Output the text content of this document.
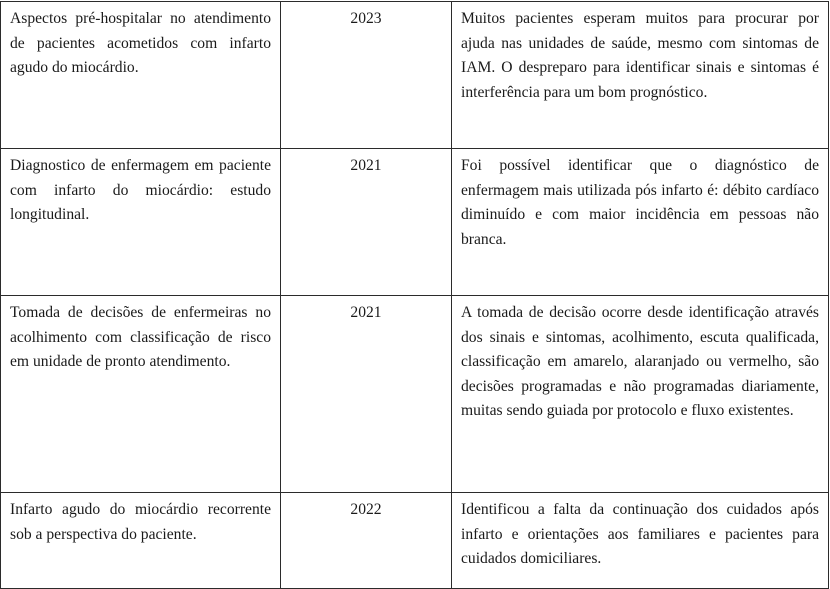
Aspectos pré-hospitalar no atendimento de pacientes acometidos com infarto agudo do miocárdio.	2023	Muitos pacientes esperam muitos para procurar por ajuda nas unidades de saúde, mesmo com sintomas de IAM. O despreparo para identificar sinais e sintomas é interferência para um bom prognóstico.
Diagnostico de enfermagem em paciente com infarto do miocárdio: estudo longitudinal.	2021	Foi possível identificar que o diagnóstico de enfermagem mais utilizada pós infarto é: débito cardíaco diminuído e com maior incidência em pessoas não branca.
Tomada de decisões de enfermeiras no acolhimento com classificação de risco em unidade de pronto atendimento.	2021	A tomada de decisão ocorre desde identificação através dos sinais e sintomas, acolhimento, escuta qualificada, classificação em amarelo, alaranjado ou vermelho, são decisões programadas e não programadas diariamente, muitas sendo guiada por protocolo e fluxo existentes.
Infarto agudo do miocárdio recorrente sob a perspectiva do paciente.	2022	Identificou a falta da continuação dos cuidados após infarto e orientações aos familiares e pacientes para cuidados domiciliares.
